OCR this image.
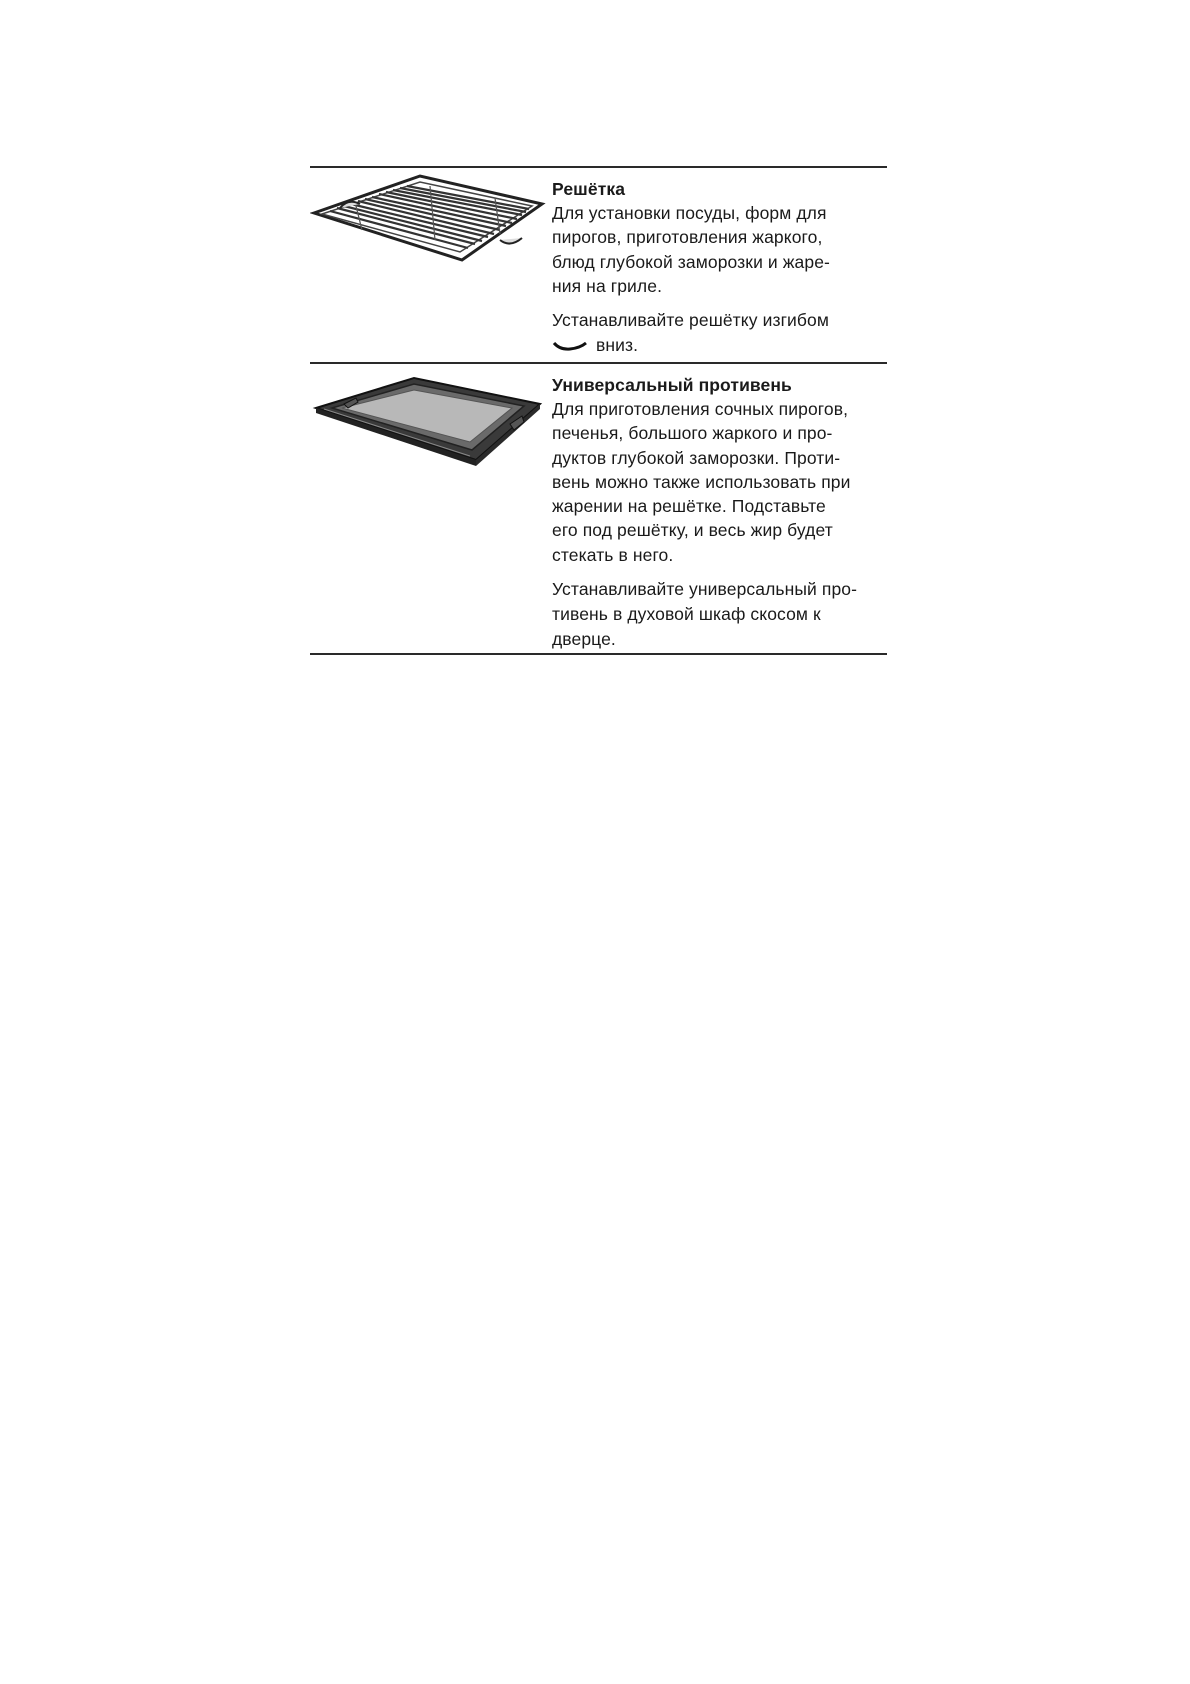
Решётка

Для установки посуды, форм для
пирогов, приготовления жаркого,
блюд глубокой заморозки и жаре-
ния на гриле.

Устанавливайте решётку изгибом
вниз.

Универсальный противень

Для приготовления сочных пирогов,
печенья, большого жаркого и про-
дуктов глубокой заморозки. Проти-
вень можно также использовать при
жарении на решётке. Подставьте
его под решётку, и весь жир будет
стекать в него.

Устанавливайте универсальный про-
тивень в духовой шкаф скосом к
дверце.
